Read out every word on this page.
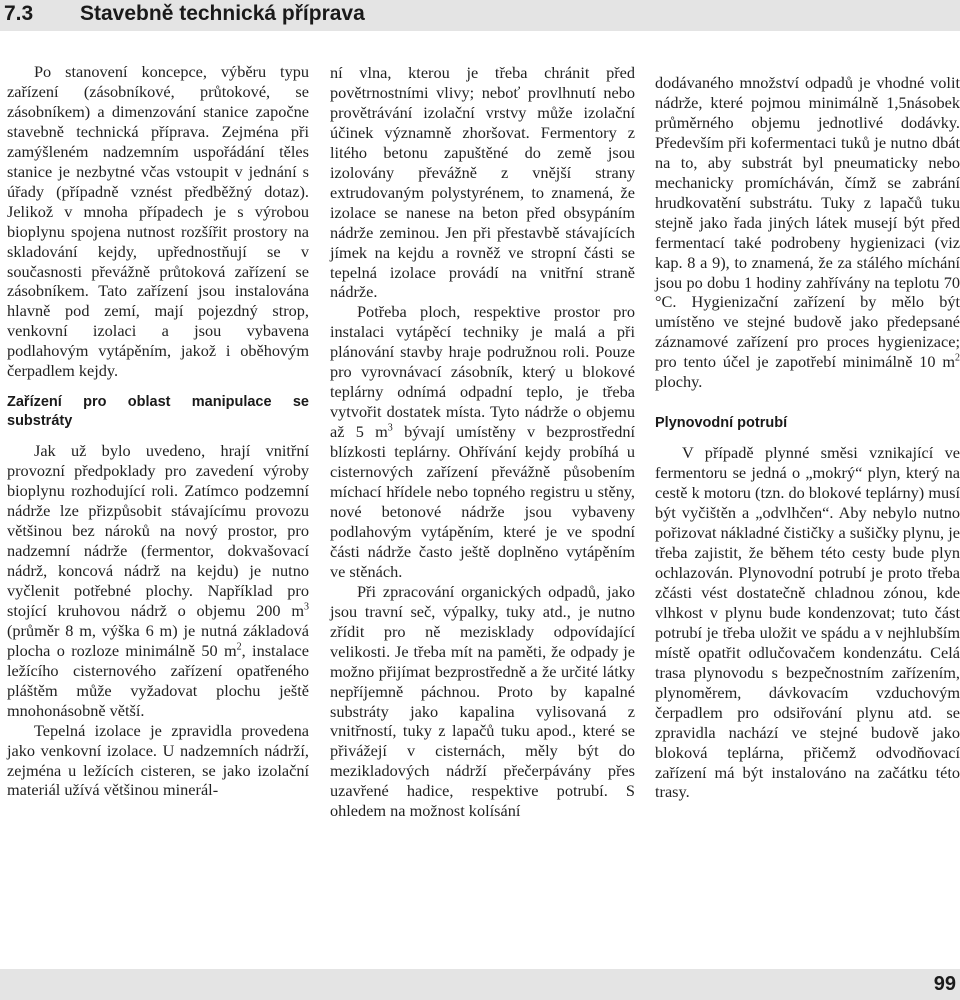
7.3 Stavebně technická příprava

Po stanovení koncepce, výběru typu zařízení (zásobníkové, průtokové, se zásobníkem) a dimenzování stanice započne stavebně technická příprava. Zejména při zamýšleném nadzemním uspořádání těles stanice je nezbytné včas vstoupit v jednání s úřady (případně vznést předběžný dotaz). Jelikož v mnoha případech je s výrobou bioplynu spojena nutnost rozšířit prostory na skladování kejdy, upřednostňují se v současnosti převážně průtoková zařízení se zásobníkem. Tato zařízení jsou instalována hlavně pod zemí, mají pojezdný strop, venkovní izolaci a jsou vybavena podlahovým vytápěním, jakož i oběhovým čerpadlem kejdy.

Zařízení pro oblast manipulace se substráty

Jak už bylo uvedeno, hrají vnitřní provozní předpoklady pro zavedení výroby bioplynu rozhodující roli. Zatímco podzemní nádrže lze přizpůsobit stávajícímu provozu většinou bez nároků na nový prostor, pro nadzemní nádrže (fermentor, dokvašovací nádrž, koncová nádrž na kejdu) je nutno vyčlenit potřebné plochy. Například pro stojící kruhovou nádrž o objemu 200 $m^3$ (průměr 8 m, výška 6 m) je nutná základová plocha o rozloze minimálně 50 $m^2$, instalace ležícího cisternového zařízení opatřeného pláštěm může vyžadovat plochu ještě mnohonásobně větší.

Tepelná izolace je zpravidla provedena jako venkovní izolace. U nadzemních nádrží, zejména u ležících cisteren, se jako izolační materiál užívá většinou minerál-

ní vlna, kterou je třeba chránit před povětrnostními vlivy; neboť provlhnutí nebo provětrávání izolační vrstvy může izolační účinek významně zhoršovat. Fermentory z litého betonu zapuštěné do země jsou izolovány převážně z vnější strany extrudovaným polystyrénem, to znamená, že izolace se nanese na beton před obsypáním nádrže zeminou. Jen při přestavbě stávajících jímek na kejdu a rovněž ve stropní části se tepelná izolace provádí na vnitřní straně nádrže.

Potřeba ploch, respektive prostor pro instalaci vytápěcí techniky je malá a při plánování stavby hraje podružnou roli. Pouze pro vyrovnávací zásobník, který u blokové teplárny odnímá odpadní teplo, je třeba vytvořit dostatek místa. Tyto nádrže o objemu až 5 $m^3$ bývají umístěny v bezprostřední blízkosti teplárny. Ohřívání kejdy probíhá u cisternových zařízení převážně působením míchací hřídele nebo topného registru u stěny, nové betonové nádrže jsou vybaveny podlahovým vytápěním, které je ve spodní části nádrže často ještě doplněno vytápěním ve stěnách.

Při zpracování organických odpadů, jako jsou travní seč, výpalky, tuky atd., je nutno zřídit pro ně mezisklady odpovídající velikosti. Je třeba mít na paměti, že odpady je možno přijímat bezprostředně a že určité látky nepříjemně páchnou. Proto by kapalné substráty jako kapalina vylisovaná z vnitřností, tuky z lapačů tuku apod., které se přivážejí v cisternách, měly být do mezikladových nádrží přečerpávány přes uzavřené hadice, respektive potrubí. S ohledem na možnost kolísání

dodávaného množství odpadů je vhodné volit nádrže, které pojmou minimálně 1,5násobek průměrného objemu jednotlivé dodávky. Především při kofermentaci tuků je nutno dbát na to, aby substrát byl pneumaticky nebo mechanicky promícháván, čímž se zabrání hrudkovatění substrátu. Tuky z lapačů tuku stejně jako řada jiných látek musejí být před fermentací také podrobeny hygienizaci (viz kap. 8 a 9), to znamená, že za stálého míchání jsou po dobu 1 hodiny zahřívány na teplotu 70 °C. Hygienizační zařízení by mělo být umístěno ve stejné budově jako předepsané záznamové zařízení pro proces hygienizace; pro tento účel je zapotřebí minimálně 10 $m^2$ plochy.

Plynovodní potrubí

V případě plynné směsi vznikající ve fermentoru se jedná o „mokrý“ plyn, který na cestě k motoru (tzn. do blokové teplárny) musí být vyčištěn a „odvlhčen“. Aby nebylo nutno pořizovat nákladné čističky a sušičky plynu, je třeba zajistit, že během této cesty bude plyn ochlazován. Plynovodní potrubí je proto třeba zčásti vést dostatečně chladnou zónou, kde vlhkost v plynu bude kondenzovat; tuto část potrubí je třeba uložit ve spádu a v nejhlubším místě opatřit odlučovačem kondenzátu. Celá trasa plynovodu s bezpečnostním zařízením, plynoměrem, dávkovacím vzduchovým čerpadlem pro odsiřování plynu atd. se zpravidla nachází ve stejné budově jako bloková teplárna, přičemž odvodňovací zařízení má být instalováno na začátku této trasy.

99
